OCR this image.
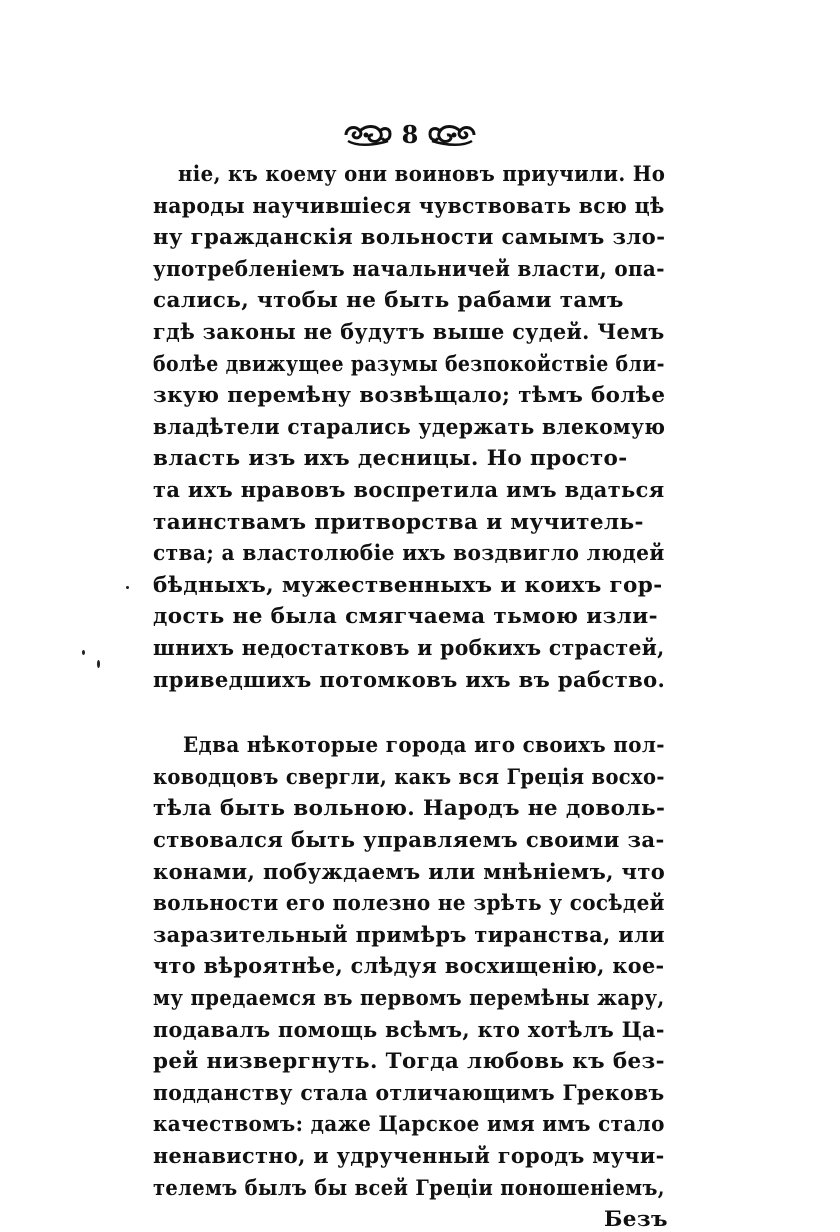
8
ніе, къ коему они воиновъ приучили. Но
народы научившіеся чувствовать всю цѣ
ну гражданскія вольности самымъ зло-
употребленіемъ начальничей власти, опа-
сались, чтобы не быть рабами тамъ
гдѣ законы не будутъ выше судей. Чемъ
болѣе движущее разумы безпокойствіе бли-
зкую перемѣну возвѣщало; тѣмъ болѣе
владѣтели старались удержать влекомую
власть изъ ихъ десницы. Но просто-
та ихъ нравовъ воспретила имъ вдаться
таинствамъ притворства и мучитель-
ства; а властолюбіе ихъ воздвигло людей
бѣдныхъ, мужественныхъ и коихъ гор-
дость не была смягчаема тьмою изли-
шнихъ недостатковъ и робкихъ страстей,
приведшихъ потомковъ ихъ въ рабство.
Едва нѣкоторые города иго своихъ пол-
ководцовъ свергли, какъ вся Греція восхо-
тѣла быть вольною. Народъ не доволь-
ствовался быть управляемъ своими за-
конами, побуждаемъ или мнѣніемъ, что
вольности его полезно не зрѣть у сосѣдей
заразительный примѣръ тиранства, или
что вѣроятнѣе, слѣдуя восхищенію, кое-
му предаемся въ первомъ перемѣны жару,
подавалъ помощь всѣмъ, кто хотѣлъ Ца-
рей низвергнуть. Тогда любовь къ без-
подданству стала отличающимъ Грековъ
качествомъ: даже Царское имя имъ стало
ненавистно, и удрученный городъ мучи-
телемъ былъ бы всей Греціи поношеніемъ,
Безъ
